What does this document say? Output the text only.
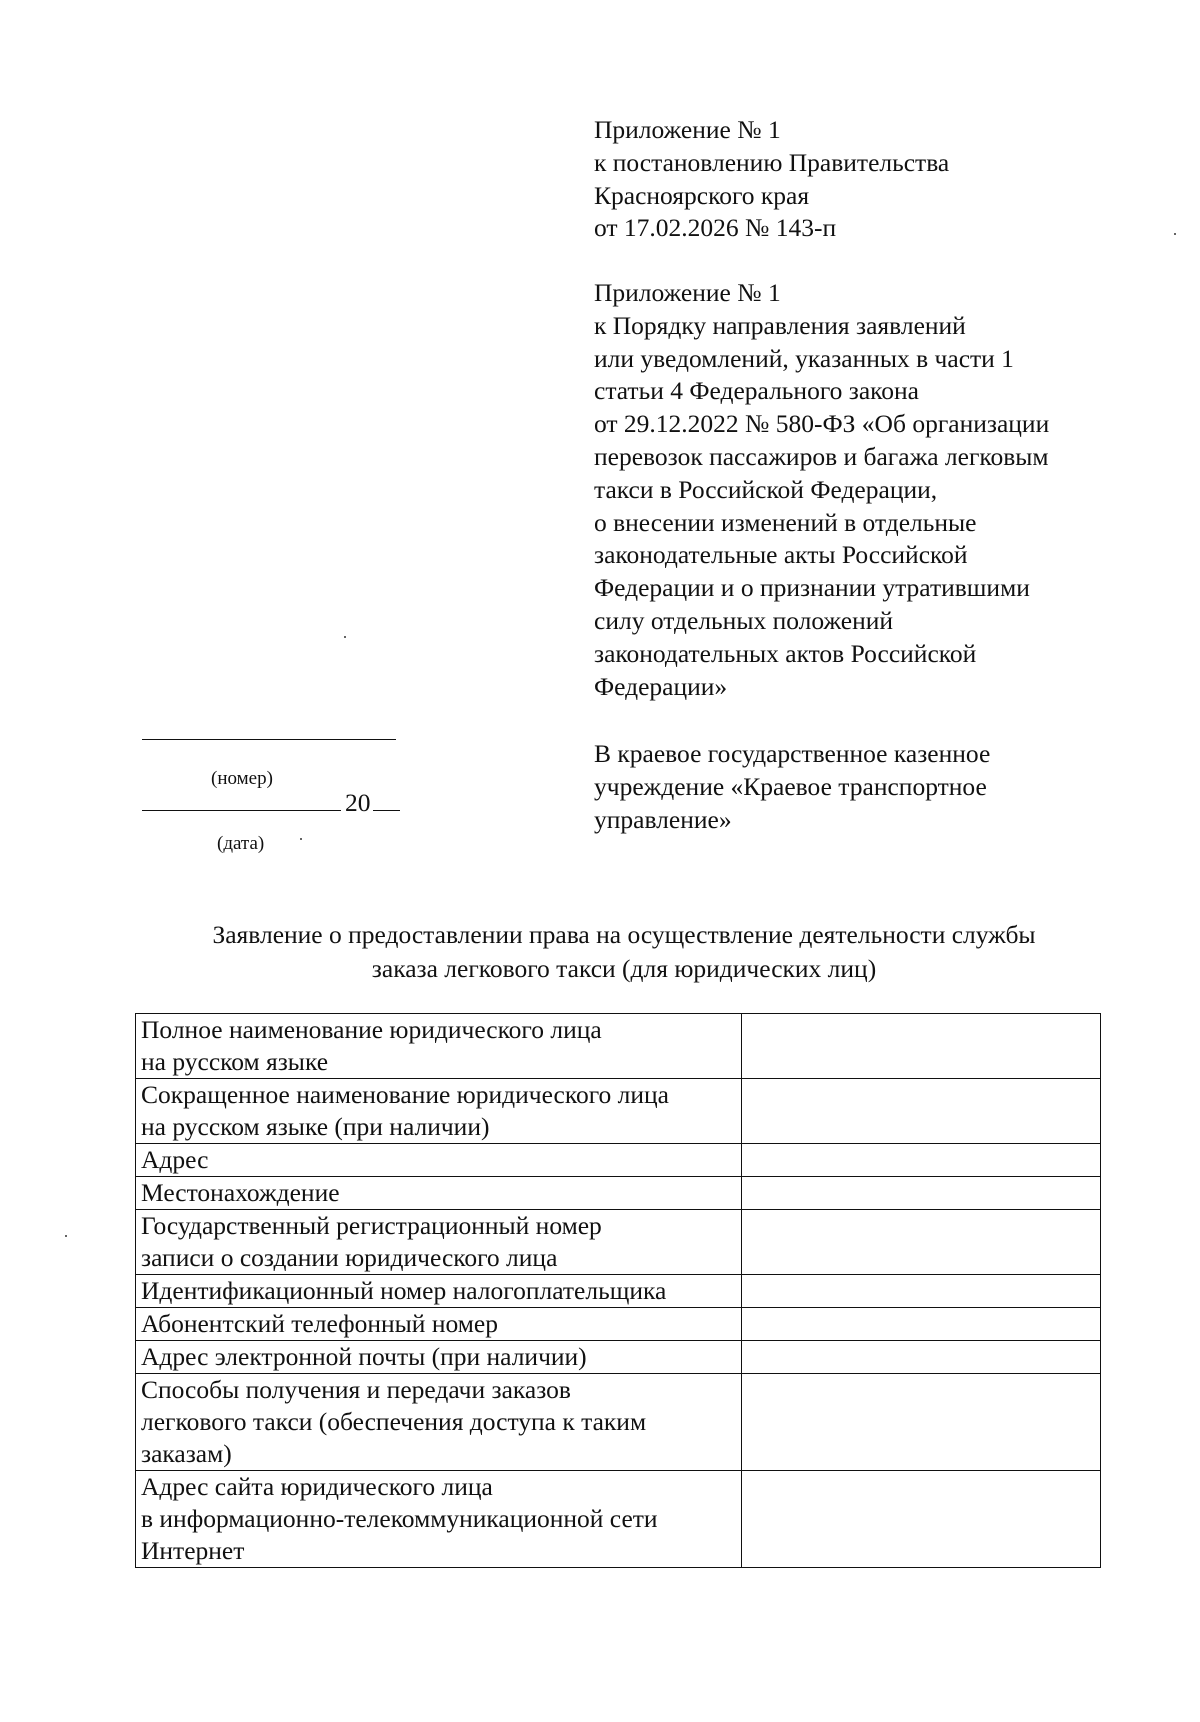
Приложение № 1
к постановлению Правительства
Красноярского края
от 17.02.2026 № 143-п
Приложение № 1
к Порядку направления заявлений
или уведомлений, указанных в части 1
статьи 4 Федерального закона
от 29.12.2022 № 580-ФЗ «Об организации
перевозок пассажиров и багажа легковым
такси в Российской Федерации,
о внесении изменений в отдельные
законодательные акты Российской
Федерации и о признании утратившими
силу отдельных положений
законодательных актов Российской
Федерации»
(номер)
20
(дата)
В краевое государственное казенное
учреждение «Краевое транспортное
управление»
Заявление о предоставлении права на осуществление деятельности службы
заказа легкового такси (для юридических лиц)
Полное наименование юридического лица
на русском языке	

Сокращенное наименование юридического лица
на русском языке (при наличии)	

Адрес	

Местонахождение	

Государственный регистрационный номер
записи о создании юридического лица	

Идентификационный номер налогоплательщика	

Абонентский телефонный номер	

Адрес электронной почты (при наличии)	

Способы получения и передачи заказов
легкового такси (обеспечения доступа к таким
заказам)	

Адрес сайта юридического лица
в информационно-телекоммуникационной сети
Интернет	
